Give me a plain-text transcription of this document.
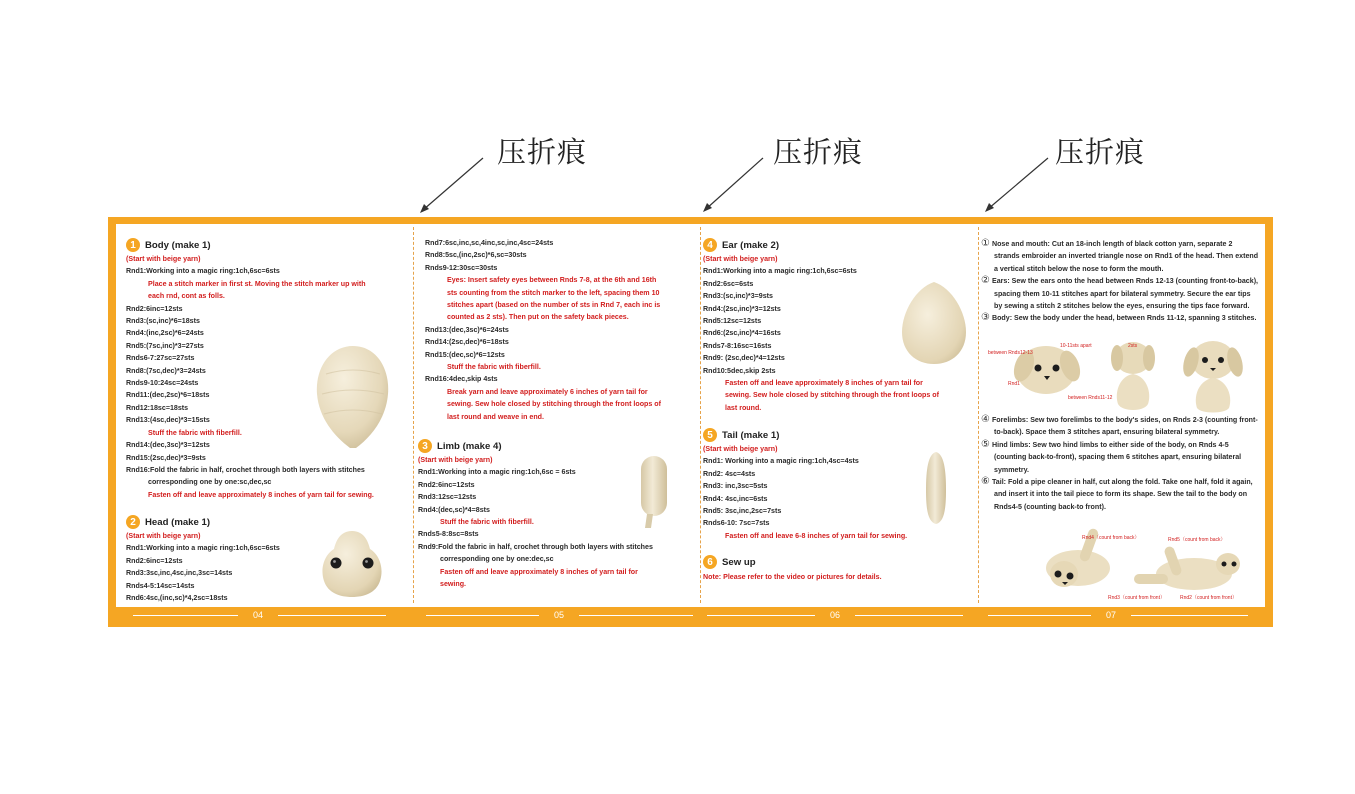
压折痕	压折痕	压折痕
1 Body (make 1)
(Start with beige yarn)
Rnd1:Working into a magic ring:1ch,6sc=6sts
Place a stitch marker in first st. Moving the stitch marker up with
each rnd, cont as folls.
Rnd2:6inc=12sts
Rnd3:(sc,inc)*6=18sts
Rnd4:(inc,2sc)*6=24sts
Rnd5:(7sc,inc)*3=27sts
Rnds6-7:27sc=27sts
Rnd8:(7sc,dec)*3=24sts
Rnds9-10:24sc=24sts
Rnd11:(dec,2sc)*6=18sts
Rnd12:18sc=18sts
Rnd13:(4sc,dec)*3=15sts
Stuff the fabric with fiberfill.
Rnd14:(dec,3sc)*3=12sts
Rnd15:(2sc,dec)*3=9sts
Rnd16:Fold the fabric in half, crochet through both layers with stitches
corresponding one by one:sc,dec,sc
Fasten off and leave approximately 8 inches of yarn tail for sewing.
2 Head (make 1)
(Start with beige yarn)
Rnd1:Working into a magic ring:1ch,6sc=6sts
Rnd2:6inc=12sts
Rnd3:3sc,inc,4sc,inc,3sc=14sts
Rnds4-5:14sc=14sts
Rnd6:4sc,(inc,sc)*4,2sc=18sts
Rnd7:6sc,inc,sc,4inc,sc,inc,4sc=24sts
Rnd8:5sc,(inc,2sc)*6,sc=30sts
Rnds9-12:30sc=30sts
Eyes: Insert safety eyes between Rnds 7-8, at the 6th and 16th
sts counting from the stitch marker to the left, spacing them 10
stitches apart (based on the number of sts in Rnd 7, each inc is
counted as 2 sts). Then put on the safety back pieces.
Rnd13:(dec,3sc)*6=24sts
Rnd14:(2sc,dec)*6=18sts
Rnd15:(dec,sc)*6=12sts
Stuff the fabric with fiberfill.
Rnd16:4dec,skip 4sts
Break yarn and leave approximately 6 inches of yarn tail for
sewing. Sew hole closed by stitching through the front loops of
last round and weave in end.
3 Limb (make 4)
(Start with beige yarn)
Rnd1:Working into a magic ring:1ch,6sc = 6sts
Rnd2:6inc=12sts
Rnd3:12sc=12sts
Rnd4:(dec,sc)*4=8sts
Stuff the fabric with fiberfill.
Rnds5-8:8sc=8sts
Rnd9:Fold the fabric in half, crochet through both layers with stitches
corresponding one by one:dec,sc
Fasten off and leave approximately 8 inches of yarn tail for
sewing.
4 Ear (make 2)
(Start with beige yarn)
Rnd1:Working into a magic ring:1ch,6sc=6sts
Rnd2:6sc=6sts
Rnd3:(sc,inc)*3=9sts
Rnd4:(2sc,inc)*3=12sts
Rnd5:12sc=12sts
Rnd6:(2sc,inc)*4=16sts
Rnds7-8:16sc=16sts
Rnd9: (2sc,dec)*4=12sts
Rnd10:5dec,skip 2sts
Fasten off and leave approximately 8 inches of yarn tail for
sewing. Sew hole closed by stitching through the front loops of
last round.
5 Tail (make 1)
(Start with beige yarn)
Rnd1: Working into a magic ring:1ch,4sc=4sts
Rnd2: 4sc=4sts
Rnd3: inc,3sc=5sts
Rnd4: 4sc,inc=6sts
Rnd5: 3sc,inc,2sc=7sts
Rnds6-10: 7sc=7sts
Fasten off and leave 6-8 inches of yarn tail for sewing.
6 Sew up
Note: Please refer to the video or pictures for details.
① Nose and mouth: Cut an 18-inch length of black cotton yarn, separate 2 strands embroider an inverted triangle nose on Rnd1 of the head. Then extend a vertical stitch below the nose to form the mouth.
② Ears: Sew the ears onto the head between Rnds 12-13 (counting front-to-back), spacing them 10-11 stitches apart for bilateral symmetry. Secure the ear tips by sewing a stitch 2 stitches below the eyes, ensuring the tips face forward.
③ Body: Sew the body under the head, between Rnds 11-12, spanning 3 stitches.
between Rnds12-13
10-11sts apart	2sts
Rnd1
between Rnds11-12
④ Forelimbs: Sew two forelimbs to the body's sides, on Rnds 2-3 (counting front-to-back). Space them 3 stitches apart, ensuring bilateral symmetry.
⑤ Hind limbs: Sew two hind limbs to either side of the body, on Rnds 4-5 (counting back-to-front), spacing them 6 stitches apart, ensuring bilateral symmetry.
⑥ Tail: Fold a pipe cleaner in half, cut along the fold. Take one half, fold it again, and insert it into the tail piece to form its shape. Sew the tail to the body on Rnds4-5 (counting back-to front).
Rnd4（count from back）	Rnd5（count from back）
Rnd3（count from front）	Rnd2（count from front）
04	05	06	07
